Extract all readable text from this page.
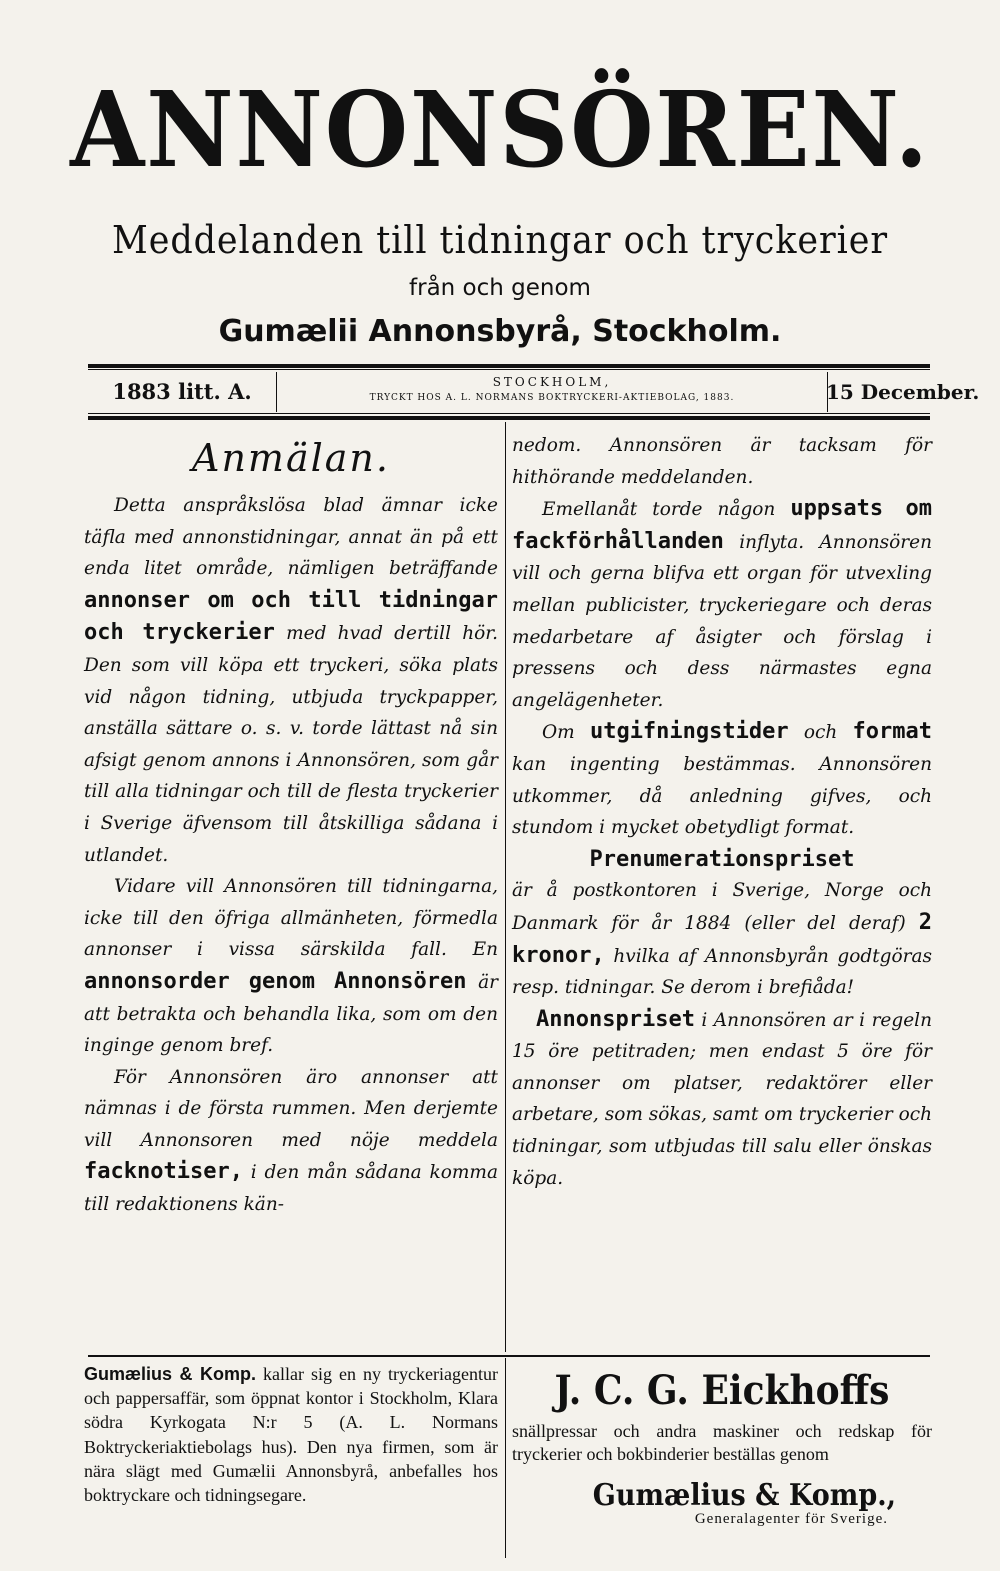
ANNONSÖREN.
Meddelanden till tidningar och tryckerier
från och genom
Gumælii Annonsbyrå, Stockholm.
1883 litt. A.	STOCKHOLM,
TRYCKT HOS A. L. NORMANS BOKTRYCKERI-AKTIEBOLAG, 1883.	15 December.
Anmälan.

Detta anspråkslösa blad ämnar icke täfla med annonstidningar, annat än på ett enda litet område, nämligen beträffande annonser om och till tidningar och tryckerier med hvad dertill hör. Den som vill köpa ett tryckeri, söka plats vid någon tidning, utbjuda tryckpapper, anställa sättare o. s. v. torde lättast nå sin afsigt genom annons i Annonsören, som går till alla tidningar och till de flesta tryckerier i Sverige äfvensom till åtskilliga sådana i utlandet.

Vidare vill Annonsören till tidningarna, icke till den öfriga allmänheten, förmedla annonser i vissa särskilda fall. En annonsorder genom Annonsören är att betrakta och behandla lika, som om den inginge genom bref.

För Annonsören äro annonser att nämnas i de första rummen. Men derjemte vill Annonsoren med nöje meddela facknotiser, i den mån sådana komma till redaktionens kän-

nedom. Annonsören är tacksam för hithörande meddelanden.

Emellanåt torde någon uppsats om fackförhållanden inflyta. Annonsören vill och gerna blifva ett organ för utvexling mellan publicister, tryckeriegare och deras medarbetare af åsigter och förslag i pressens och dess närmastes egna angelägenheter.

Om utgifningstider och format kan ingenting bestämmas. Annonsören utkommer, då anledning gifves, och stundom i mycket obetydligt format.

Prenumerationspriset
är å postkontoren i Sverige, Norge och Danmark för år 1884 (eller del deraf) 2 kronor, hvilka af Annonsbyrån godtgöras resp. tidningar. Se derom i brefiåda!

Annonspriset i Annonsören ar i regeln 15 öre petitraden; men endast 5 öre för annonser om platser, redaktörer eller arbetare, som sökas, samt om tryckerier och tidningar, som utbjudas till salu eller önskas köpa.

Gumælius & Komp. kallar sig en ny tryckeriagentur och pappersaffär, som öppnat kontor i Stockholm, Klara södra Kyrkogata N:r 5 (A. L. Normans Boktryckeriaktiebolags hus). Den nya firmen, som är nära slägt med Gumælii Annonsbyrå, anbefalles hos boktryckare och tidningsegare.
J. C. G. Eickhoffs
snällpressar och andra maskiner och redskap för tryckerier och bokbinderier beställas genom
Gumælius & Komp.,
Generalagenter för Sverige.
